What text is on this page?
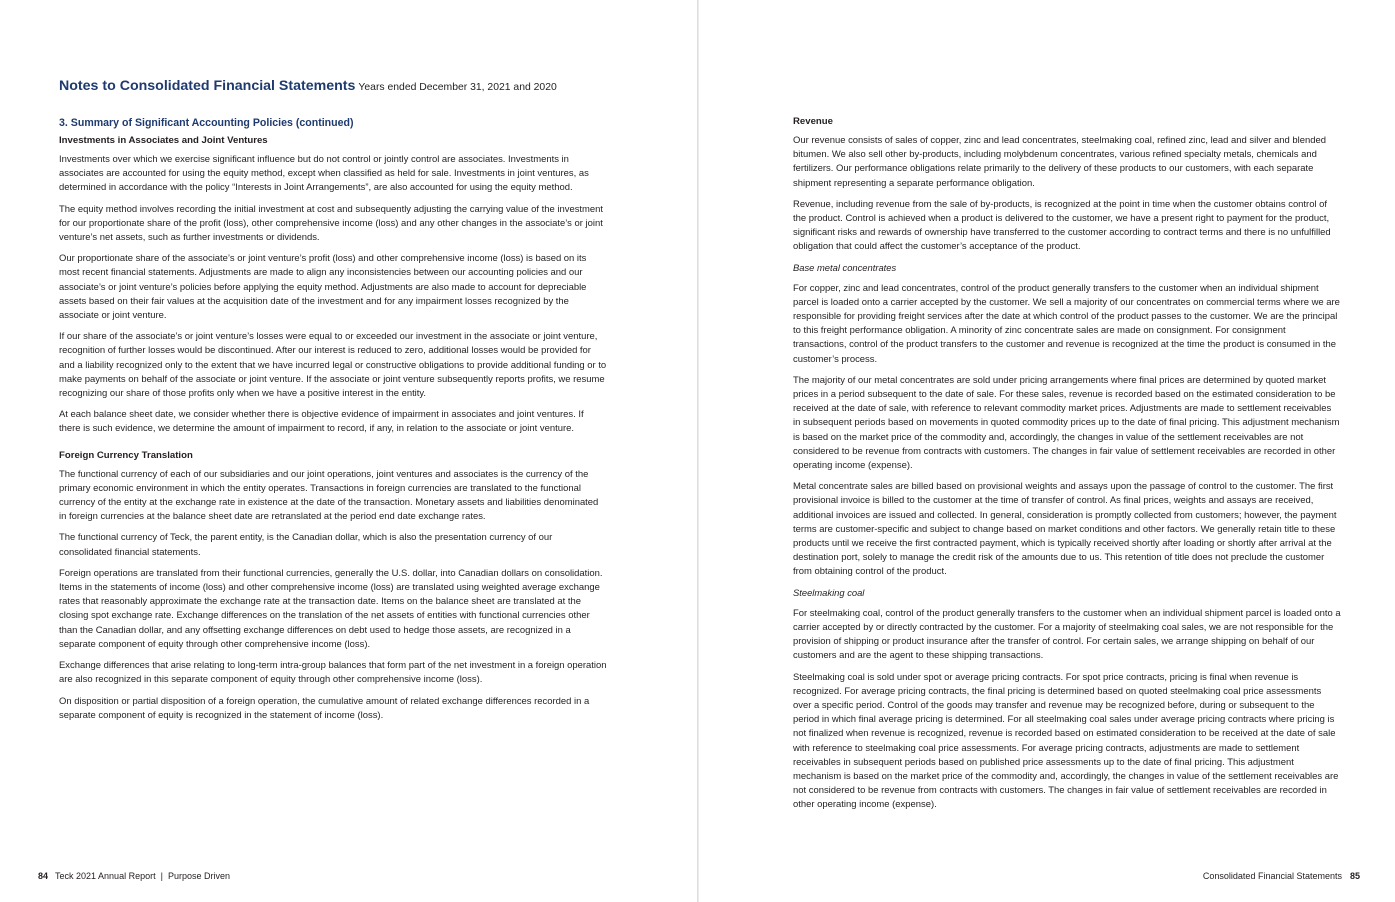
Notes to Consolidated Financial Statements Years ended December 31, 2021 and 2020
3. Summary of Significant Accounting Policies (continued)
Investments in Associates and Joint Ventures

Investments over which we exercise significant influence but do not control or jointly control are associates. Investments in associates are accounted for using the equity method, except when classified as held for sale. Investments in joint ventures, as determined in accordance with the policy “Interests in Joint Arrangements”, are also accounted for using the equity method.

The equity method involves recording the initial investment at cost and subsequently adjusting the carrying value of the investment for our proportionate share of the profit (loss), other comprehensive income (loss) and any other changes in the associate’s or joint venture’s net assets, such as further investments or dividends.

Our proportionate share of the associate’s or joint venture’s profit (loss) and other comprehensive income (loss) is based on its most recent financial statements. Adjustments are made to align any inconsistencies between our accounting policies and our associate’s or joint venture’s policies before applying the equity method. Adjustments are also made to account for depreciable assets based on their fair values at the acquisition date of the investment and for any impairment losses recognized by the associate or joint venture.

If our share of the associate’s or joint venture’s losses were equal to or exceeded our investment in the associate or joint venture, recognition of further losses would be discontinued. After our interest is reduced to zero, additional losses would be provided for and a liability recognized only to the extent that we have incurred legal or constructive obligations to provide additional funding or to make payments on behalf of the associate or joint venture. If the associate or joint venture subsequently reports profits, we resume recognizing our share of those profits only when we have a positive interest in the entity.

At each balance sheet date, we consider whether there is objective evidence of impairment in associates and joint ventures. If there is such evidence, we determine the amount of impairment to record, if any, in relation to the associate or joint venture.

Foreign Currency Translation

The functional currency of each of our subsidiaries and our joint operations, joint ventures and associates is the currency of the primary economic environment in which the entity operates. Transactions in foreign currencies are translated to the functional currency of the entity at the exchange rate in existence at the date of the transaction. Monetary assets and liabilities denominated in foreign currencies at the balance sheet date are retranslated at the period end date exchange rates.

The functional currency of Teck, the parent entity, is the Canadian dollar, which is also the presentation currency of our consolidated financial statements.

Foreign operations are translated from their functional currencies, generally the U.S. dollar, into Canadian dollars on consolidation. Items in the statements of income (loss) and other comprehensive income (loss) are translated using weighted average exchange rates that reasonably approximate the exchange rate at the transaction date. Items on the balance sheet are translated at the closing spot exchange rate. Exchange differences on the translation of the net assets of entities with functional currencies other than the Canadian dollar, and any offsetting exchange differences on debt used to hedge those assets, are recognized in a separate component of equity through other comprehensive income (loss).

Exchange differences that arise relating to long-term intra-group balances that form part of the net investment in a foreign operation are also recognized in this separate component of equity through other comprehensive income (loss).

On disposition or partial disposition of a foreign operation, the cumulative amount of related exchange differences recorded in a separate component of equity is recognized in the statement of income (loss).

84 Teck 2021 Annual Report | Purpose Driven
Revenue

Our revenue consists of sales of copper, zinc and lead concentrates, steelmaking coal, refined zinc, lead and silver and blended bitumen. We also sell other by-products, including molybdenum concentrates, various refined specialty metals, chemicals and fertilizers. Our performance obligations relate primarily to the delivery of these products to our customers, with each separate shipment representing a separate performance obligation.

Revenue, including revenue from the sale of by-products, is recognized at the point in time when the customer obtains control of the product. Control is achieved when a product is delivered to the customer, we have a present right to payment for the product, significant risks and rewards of ownership have transferred to the customer according to contract terms and there is no unfulfilled obligation that could affect the customer’s acceptance of the product.

Base metal concentrates

For copper, zinc and lead concentrates, control of the product generally transfers to the customer when an individual shipment parcel is loaded onto a carrier accepted by the customer. We sell a majority of our concentrates on commercial terms where we are responsible for providing freight services after the date at which control of the product passes to the customer. We are the principal to this freight performance obligation. A minority of zinc concentrate sales are made on consignment. For consignment transactions, control of the product transfers to the customer and revenue is recognized at the time the product is consumed in the customer’s process.

The majority of our metal concentrates are sold under pricing arrangements where final prices are determined by quoted market prices in a period subsequent to the date of sale. For these sales, revenue is recorded based on the estimated consideration to be received at the date of sale, with reference to relevant commodity market prices. Adjustments are made to settlement receivables in subsequent periods based on movements in quoted commodity prices up to the date of final pricing. This adjustment mechanism is based on the market price of the commodity and, accordingly, the changes in value of the settlement receivables are not considered to be revenue from contracts with customers. The changes in fair value of settlement receivables are recorded in other operating income (expense).

Metal concentrate sales are billed based on provisional weights and assays upon the passage of control to the customer. The first provisional invoice is billed to the customer at the time of transfer of control. As final prices, weights and assays are received, additional invoices are issued and collected. In general, consideration is promptly collected from customers; however, the payment terms are customer-specific and subject to change based on market conditions and other factors. We generally retain title to these products until we receive the first contracted payment, which is typically received shortly after loading or shortly after arrival at the destination port, solely to manage the credit risk of the amounts due to us. This retention of title does not preclude the customer from obtaining control of the product.

Steelmaking coal

For steelmaking coal, control of the product generally transfers to the customer when an individual shipment parcel is loaded onto a carrier accepted by or directly contracted by the customer. For a majority of steelmaking coal sales, we are not responsible for the provision of shipping or product insurance after the transfer of control. For certain sales, we arrange shipping on behalf of our customers and are the agent to these shipping transactions.

Steelmaking coal is sold under spot or average pricing contracts. For spot price contracts, pricing is final when revenue is recognized. For average pricing contracts, the final pricing is determined based on quoted steelmaking coal price assessments over a specific period. Control of the goods may transfer and revenue may be recognized before, during or subsequent to the period in which final average pricing is determined. For all steelmaking coal sales under average pricing contracts where pricing is not finalized when revenue is recognized, revenue is recorded based on estimated consideration to be received at the date of sale with reference to steelmaking coal price assessments. For average pricing contracts, adjustments are made to settlement receivables in subsequent periods based on published price assessments up to the date of final pricing. This adjustment mechanism is based on the market price of the commodity and, accordingly, the changes in value of the settlement receivables are not considered to be revenue from contracts with customers. The changes in fair value of settlement receivables are recorded in other operating income (expense).

Consolidated Financial Statements 85
